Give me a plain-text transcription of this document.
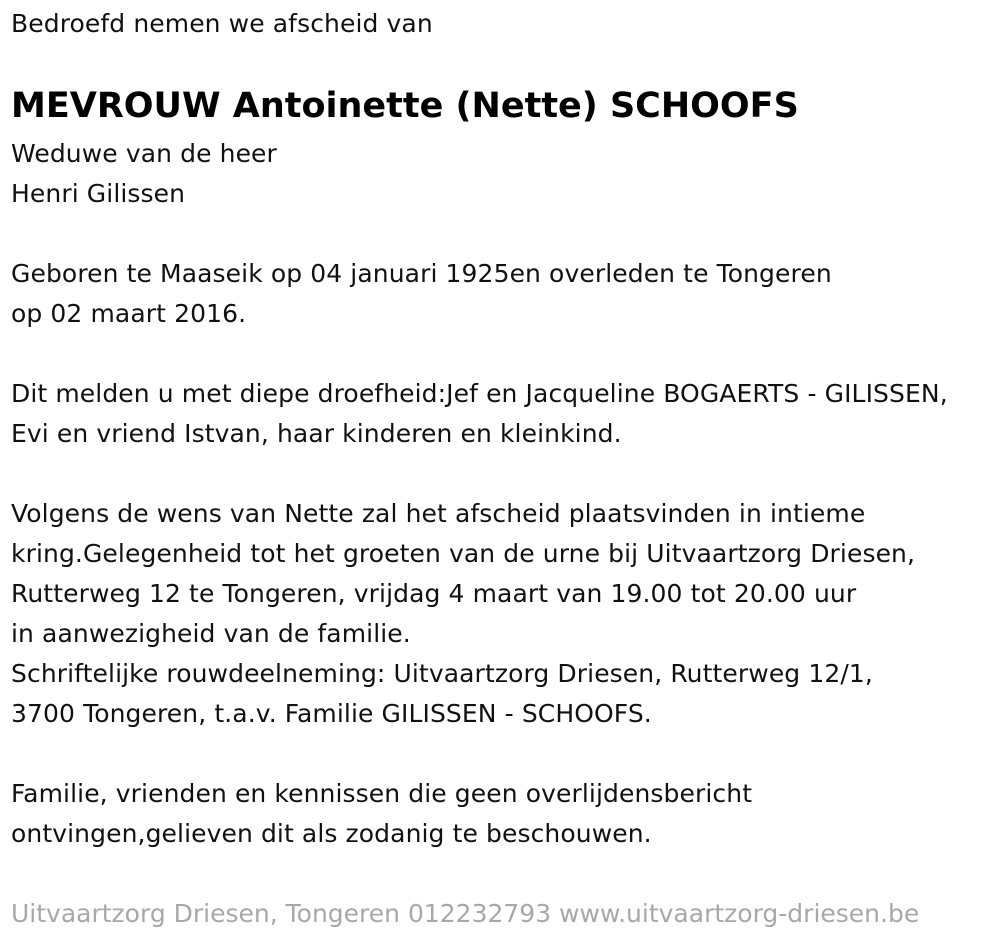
Bedroefd nemen we afscheid van
MEVROUW Antoinette (Nette) SCHOOFS
Weduwe van de heer
Henri Gilissen
Geboren te Maaseik op 04 januari 1925en overleden te Tongeren
op 02 maart 2016.
Dit melden u met diepe droefheid:Jef en Jacqueline BOGAERTS - GILISSEN,
Evi en vriend Istvan, haar kinderen en kleinkind.
Volgens de wens van Nette zal het afscheid plaatsvinden in intieme
kring.Gelegenheid tot het groeten van de urne bij Uitvaartzorg Driesen,
Rutterweg 12 te Tongeren, vrijdag 4 maart van 19.00 tot 20.00 uur
in aanwezigheid van de familie.
Schriftelijke rouwdeelneming: Uitvaartzorg Driesen, Rutterweg 12/1,
3700 Tongeren, t.a.v. Familie GILISSEN - SCHOOFS.
Familie, vrienden en kennissen die geen overlijdensbericht
ontvingen,gelieven dit als zodanig te beschouwen.
Uitvaartzorg Driesen, Tongeren 012232793 www.uitvaartzorg-driesen.be
